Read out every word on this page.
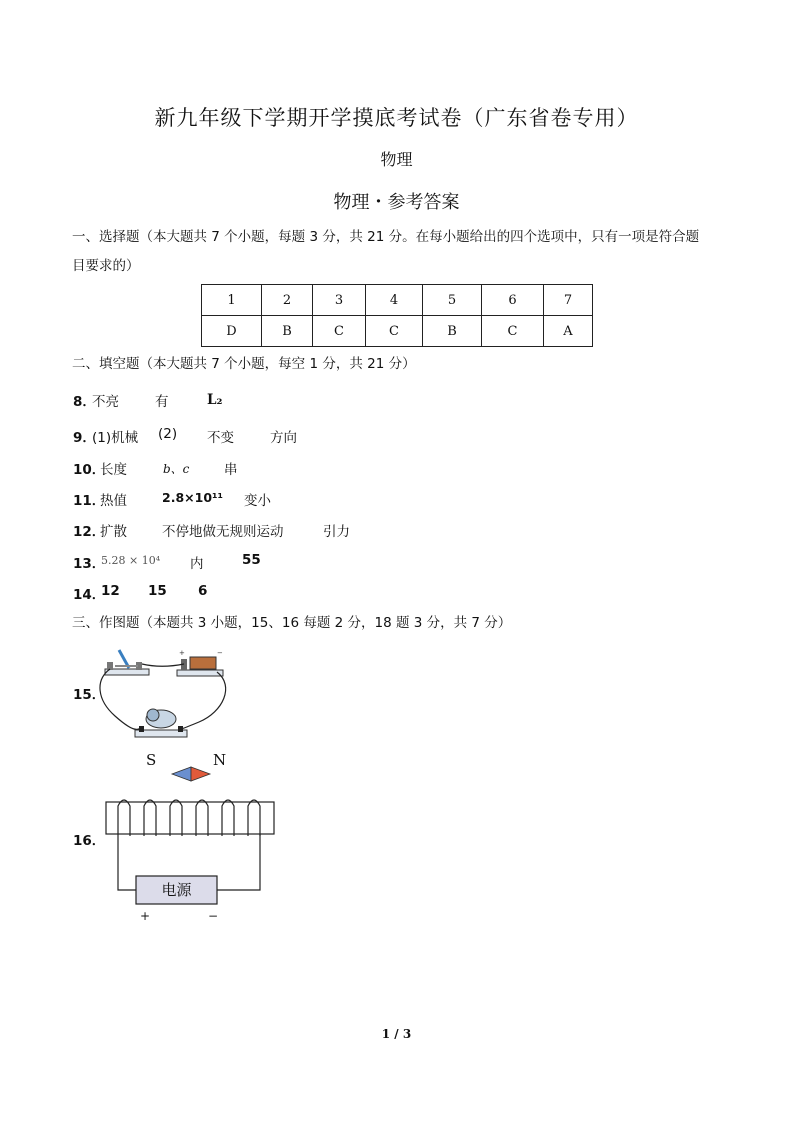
新九年级下学期开学摸底考试卷（广东省卷专用）
物理
物理・参考答案
一、选择题（本大题共 7 个小题，每题 3 分，共 21 分。在每小题给出的四个选项中，只有一项是符合题
目要求的）
1	2	3	4	5	6	7
D	B	C	C	B	C	A
二、填空题（本大题共 7 个小题，每空 1 分，共 21 分）
8．
不亮	有	L₂
9．
(1)机械 (2) 不变	方向
10．
长度	b、c	串
11．
热值	2.8×10¹¹ 变小
12．
扩散	不停地做无规则运动	引力
13．
5.28 × 10⁴ 内	55
14．
12 15 6
三、作图题（本题共 3 小题，15、16 每题 2 分，18 题 3 分，共 7 分）
15．
+	−
16．
S	N
电源
+	−
1 / 3
